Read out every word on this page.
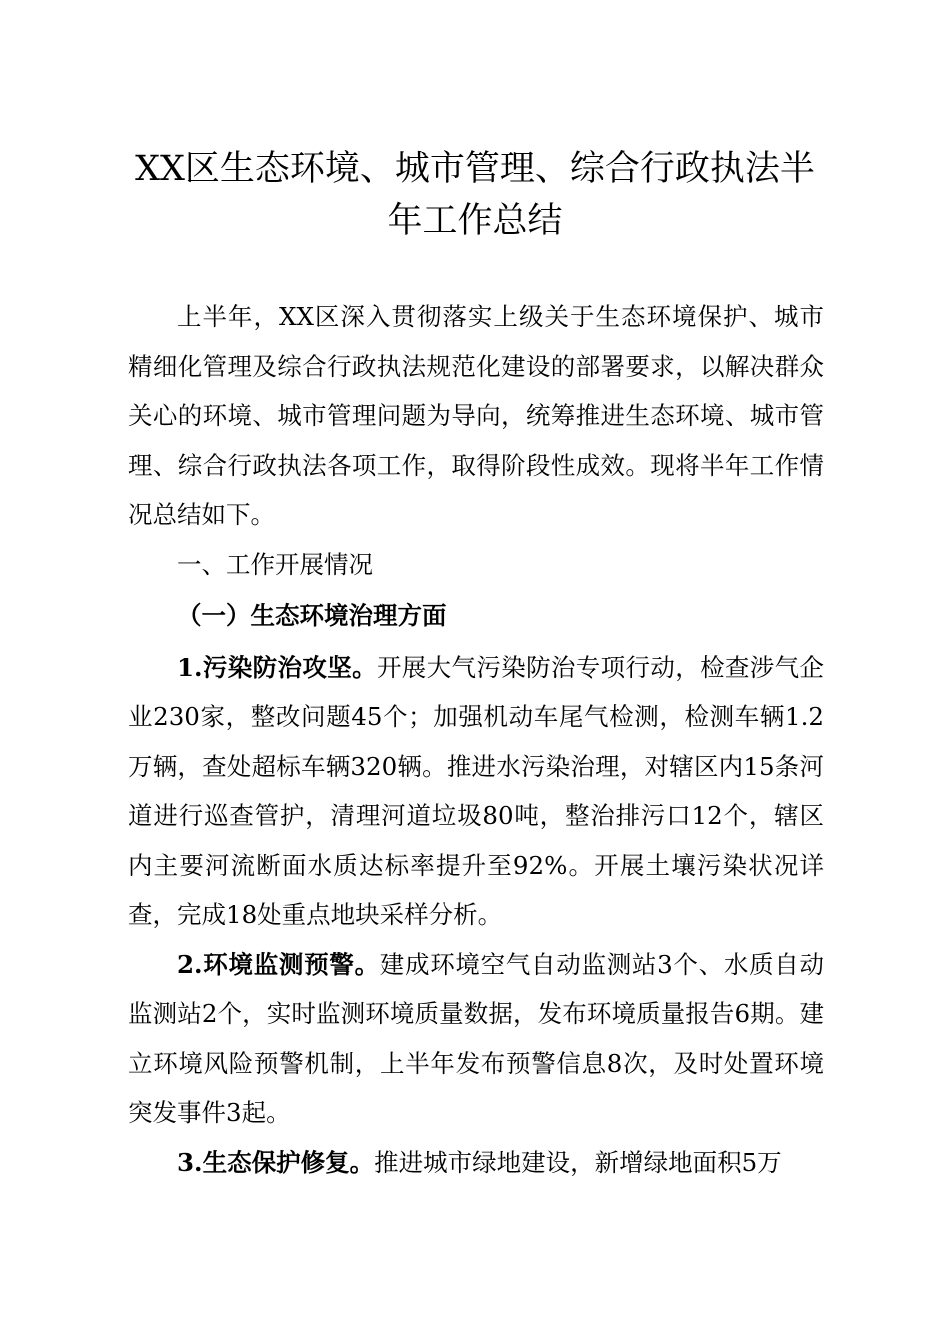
XX区生态环境、城市管理、综合行政执法半
年工作总结

上半年，XX区深入贯彻落实上级关于生态环境保护、城市精细化管理及综合行政执法规范化建设的部署要求，以解决群众关心的环境、城市管理问题为导向，统筹推进生态环境、城市管理、综合行政执法各项工作，取得阶段性成效。现将半年工作情况总结如下。

一、工作开展情况

（一）生态环境治理方面

1.污染防治攻坚。开展大气污染防治专项行动，检查涉气企业230家，整改问题45个；加强机动车尾气检测，检测车辆1.2万辆，查处超标车辆320辆。推进水污染治理，对辖区内15条河道进行巡查管护，清理河道垃圾80吨，整治排污口12个，辖区内主要河流断面水质达标率提升至92%。开展土壤污染状况详查，完成18处重点地块采样分析。

2.环境监测预警。建成环境空气自动监测站3个、水质自动监测站2个，实时监测环境质量数据，发布环境质量报告6期。建立环境风险预警机制，上半年发布预警信息8次，及时处置环境突发事件3起。

3.生态保护修复。推进城市绿地建设，新增绿地面积5万
